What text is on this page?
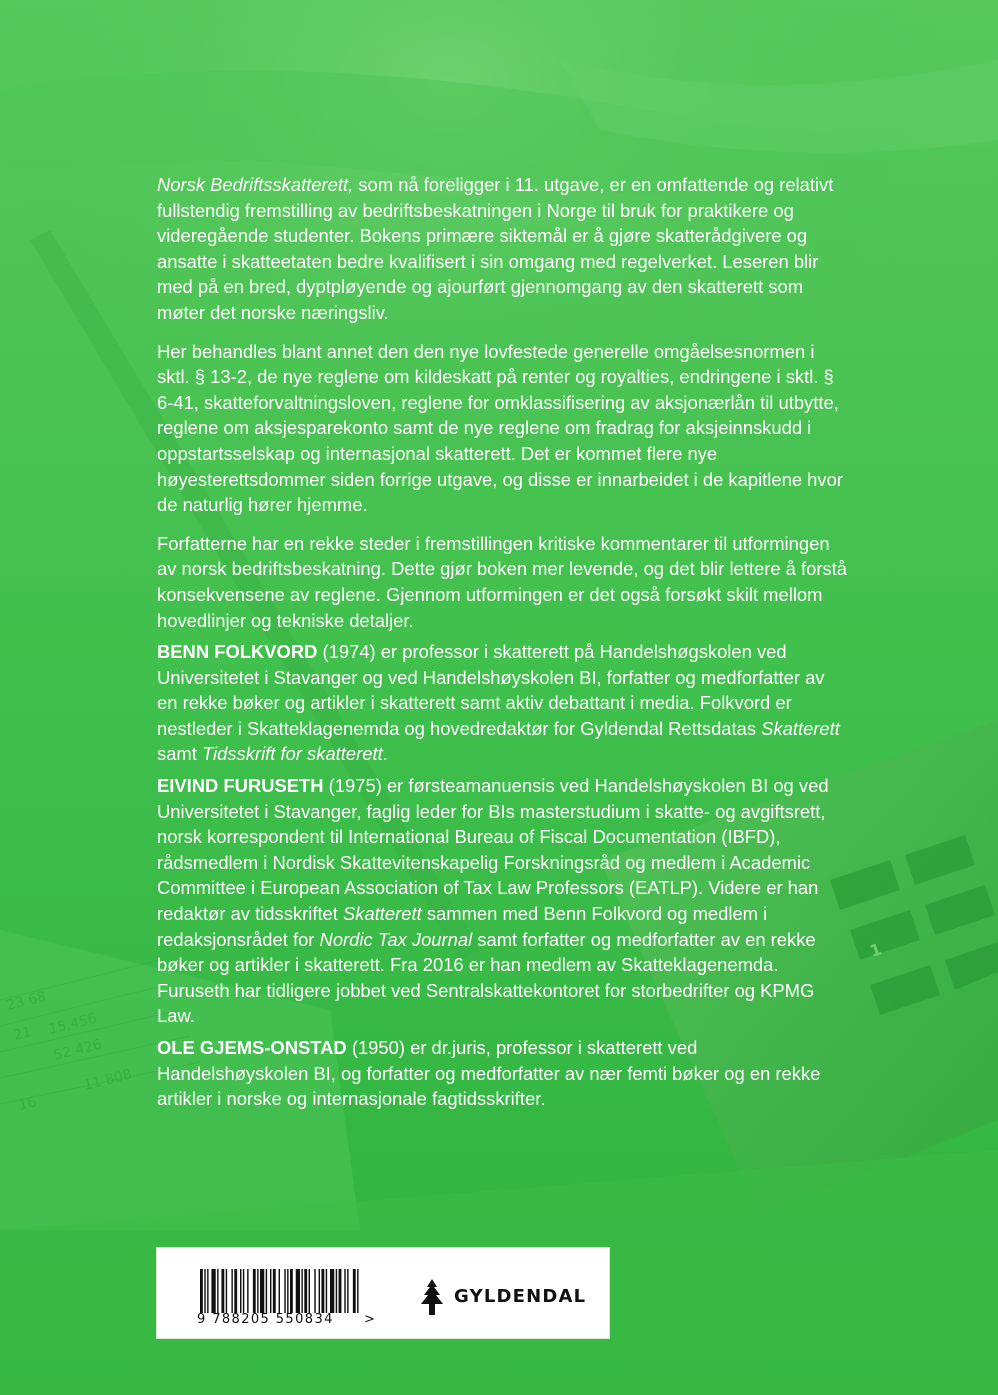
23 68
15,456
52 426
11 808
21
16
1

Norsk Bedriftsskatterett, som nå foreligger i 11. utgave, er en omfattende og relativt fullstendig fremstilling av bedriftsbeskatningen i Norge til bruk for praktikere og videregående studenter. Bokens primære siktemål er å gjøre skatterådgivere og ansatte i skatteetaten bedre kvalifisert i sin omgang med regelverket. Leseren blir med på en bred, dyptpløyende og ajourført gjennomgang av den skatterett som møter det norske næringsliv.

Her behandles blant annet den den nye lovfestede generelle omgåelsesnormen i sktl. § 13-2, de nye reglene om kildeskatt på renter og royalties, endringene i sktl. § 6-41, skatteforvaltningsloven, reglene for omklassifisering av aksjonærlån til utbytte, reglene om aksjesparekonto samt de nye reglene om fradrag for aksjeinnskudd i oppstartsselskap og internasjonal skatterett. Det er kommet flere nye høyesterettsdommer siden forrige utgave, og disse er innarbeidet i de kapitlene hvor de naturlig hører hjemme.

Forfatterne har en rekke steder i fremstillingen kritiske kommentarer til utformingen av norsk bedriftsbeskatning. Dette gjør boken mer levende, og det blir lettere å forstå konsekvensene av reglene. Gjennom utformingen er det også forsøkt skilt mellom hovedlinjer og tekniske detaljer.

BENN FOLKVORD (1974) er professor i skatterett på Handelshøgskolen ved Universitetet i Stavanger og ved Handelshøyskolen BI, forfatter og medforfatter av en rekke bøker og artikler i skatterett samt aktiv debattant i media. Folkvord er nestleder i Skatteklagenemda og hovedredaktør for Gyldendal Rettsdatas Skatterett samt Tidsskrift for skatterett.

EIVIND FURUSETH (1975) er førsteamanuensis ved Handelshøyskolen BI og ved Universitetet i Stavanger, faglig leder for BIs masterstudium i skatte- og avgiftsrett, norsk korrespondent til International Bureau of Fiscal Documentation (IBFD), rådsmedlem i Nordisk Skattevitenskapelig Forskningsråd og medlem i Academic Committee i European Association of Tax Law Professors (EATLP). Videre er han redaktør av tidsskriftet Skatterett sammen med Benn Folkvord og medlem i redaksjonsrådet for Nordic Tax Journal samt forfatter og medforfatter av en rekke bøker og artikler i skatterett. Fra 2016 er han medlem av Skatteklagenemda. Furuseth har tidligere jobbet ved Sentralskattekontoret for storbedrifter og KPMG Law.

OLE GJEMS-ONSTAD (1950) er dr.juris, professor i skatterett ved Handelshøyskolen BI, og forfatter og medforfatter av nær femti bøker og en rekke artikler i norske og internasjonale fagtidsskrifter.

9 788205 550834 >
GYLDENDAL
